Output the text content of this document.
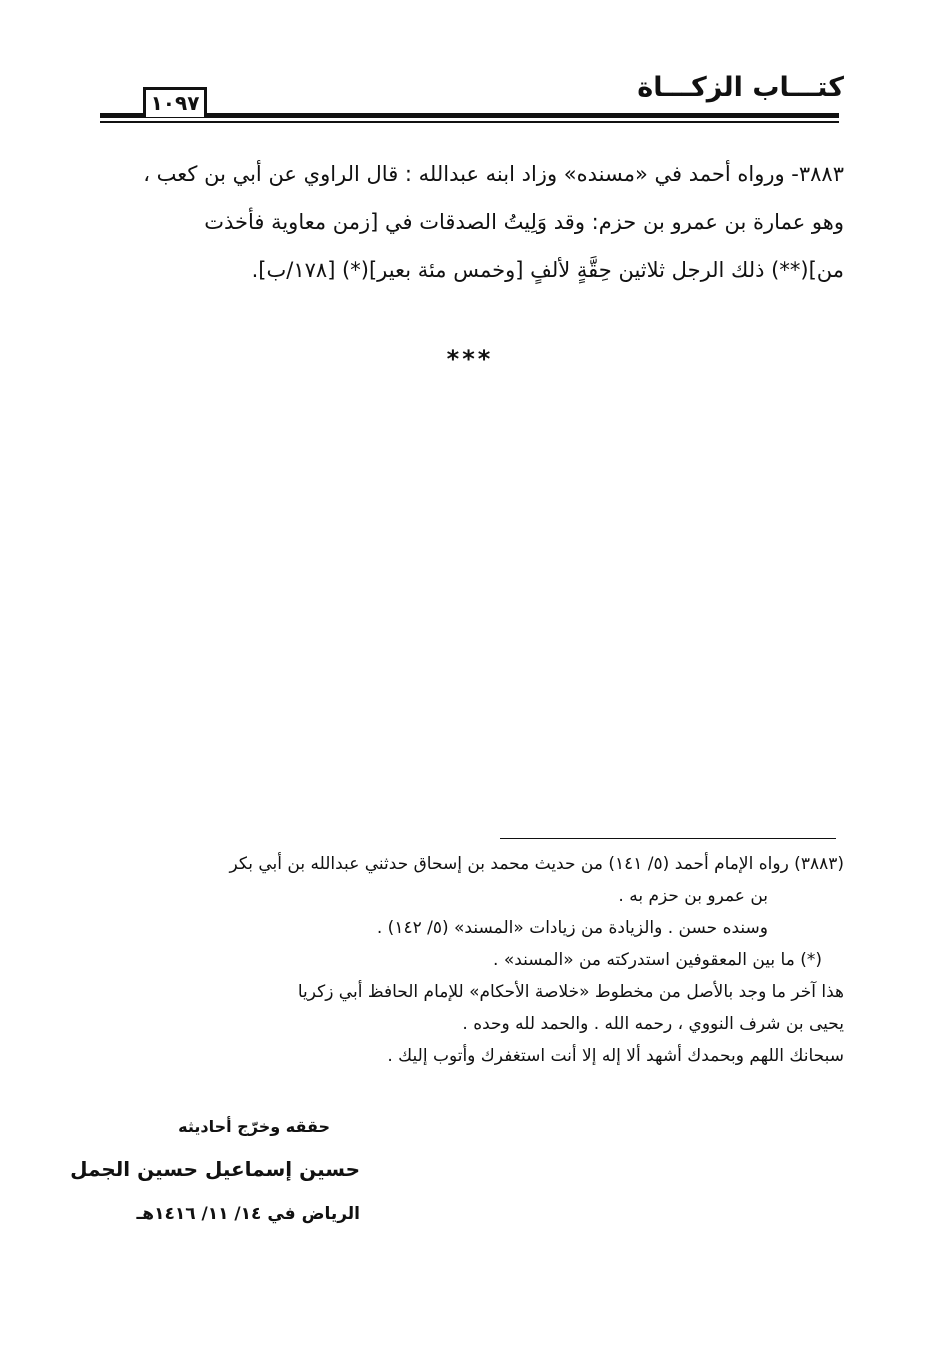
كتـــاب الزكـــاة
١٠٩٧
٣٨٨٣- ورواه أحمد في «مسنده» وزاد ابنه عبدالله : قال الراوي عن أبي بن كعب ،
وهو عمارة بن عمرو بن حزم: وقد وَلِيتُ الصدقات في [زمن معاوية فأخذت
من](**) ذلك الرجل ثلاثين حِقَّةٍ لألفٍ [وخمس مئة بعير](*) [١٧٨/ب].
***
(٣٨٨٣) رواه الإمام أحمد (٥/ ١٤١) من حديث محمد بن إسحاق حدثني عبدالله بن أبي بكر
بن عمرو بن حزم به .
وسنده حسن . والزيادة من زيادات «المسند» (٥/ ١٤٢) .
(*) ما بين المعقوفين استدركته من «المسند» .
هذا آخر ما وجد بالأصل من مخطوط «خلاصة الأحكام» للإمام الحافظ أبي زكريا
يحيى بن شرف النووي ، رحمه الله . والحمد لله وحده .
سبحانك اللهم وبحمدك أشهد ألا إله إلا أنت استغفرك وأتوب إليك .
حققه وخرّج أحاديثه
حسين إسماعيل حسين الجمل
الرياض في ١٤/ ١١/ ١٤١٦هـ
